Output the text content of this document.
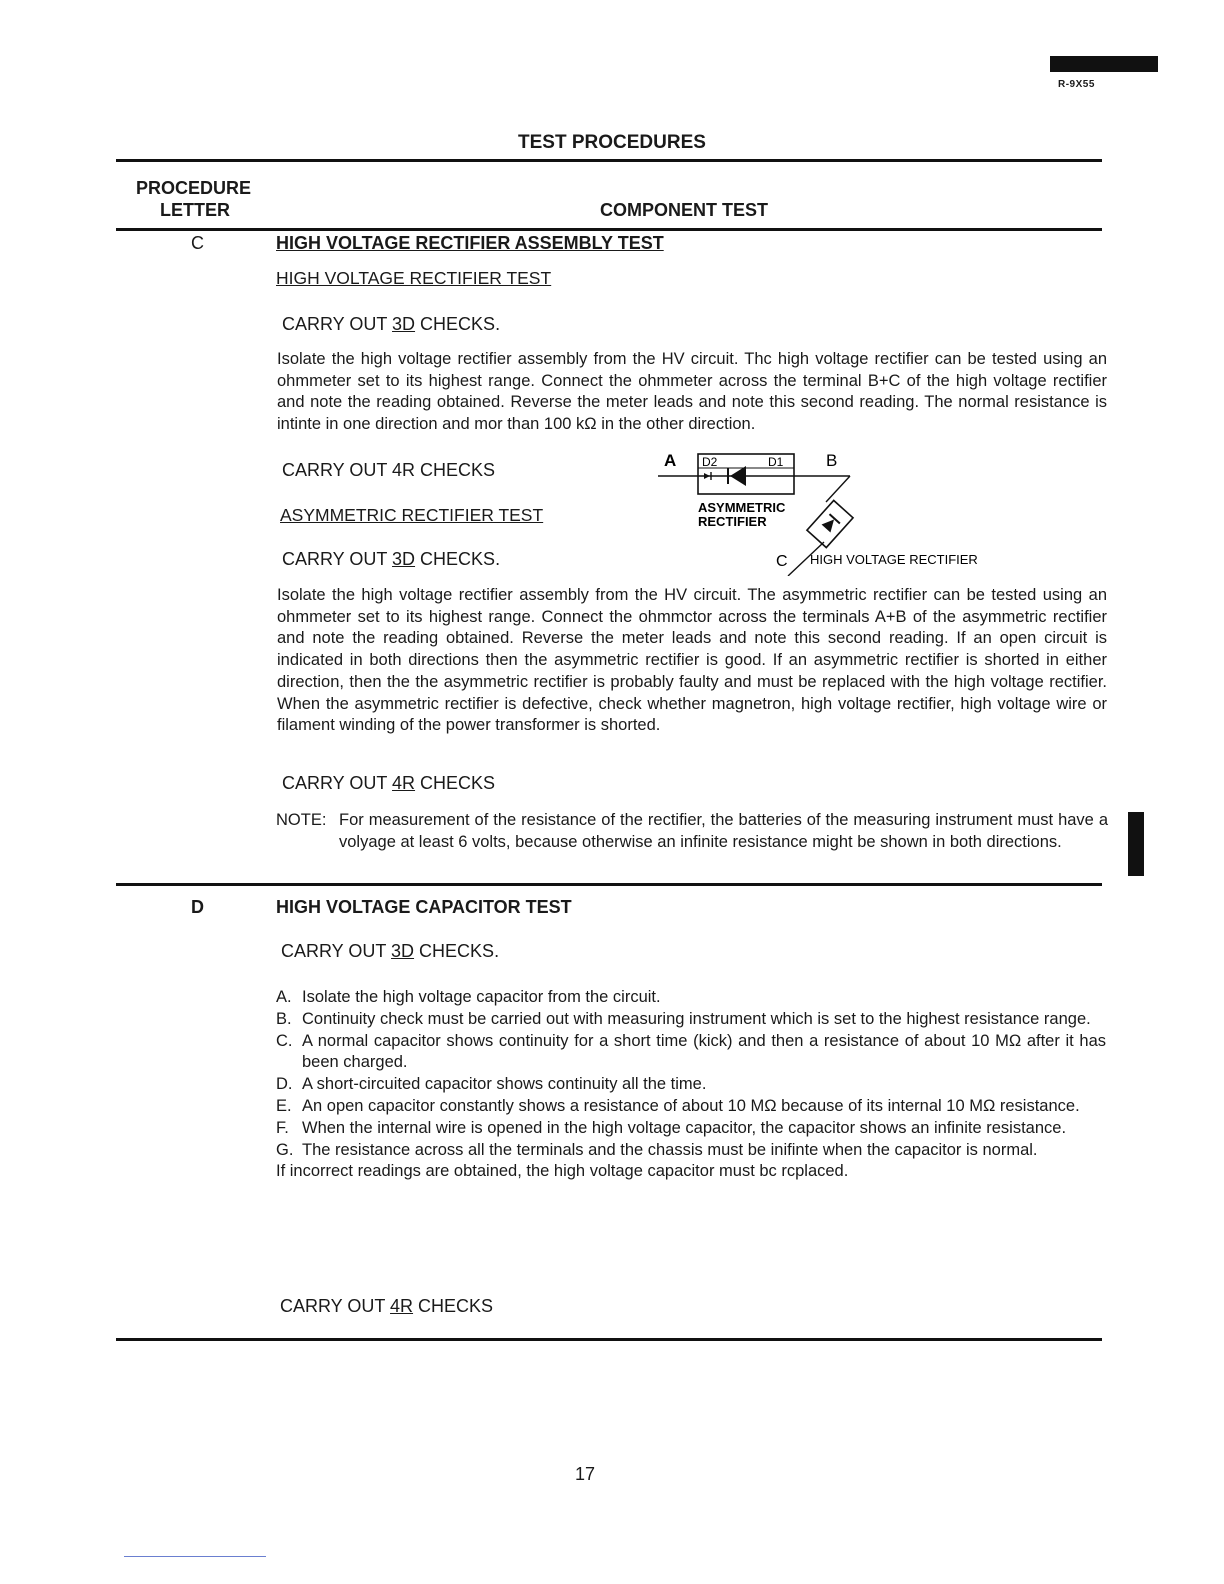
R-9X55
TEST PROCEDURES
PROCEDURE
LETTER	COMPONENT TEST
C	HIGH VOLTAGE RECTIFIER ASSEMBLY TEST
HIGH VOLTAGE RECTIFIER TEST
CARRY OUT 3D CHECKS.
Isolate the high voltage rectifier assembly from the HV circuit. Thc high voltage rectifier can be tested using an ohmmeter set to its highest range. Connect the ohmmeter across the terminal B+C of the high voltage rectifier and note the reading obtained. Reverse the meter leads and note this second reading. The normal resistance is intinte in one direction and mor than 100 kΩ in the other direction.
CARRY OUT 4R CHECKS
ASYMMETRIC RECTIFIER TEST
CARRY OUT 3D CHECKS.
A	B
D2	D1
ASYMMETRIC
RECTIFIER
C HIGH VOLTAGE RECTIFIER
Isolate the high voltage rectifier assembly from the HV circuit. The asymmetric rectifier can be tested using an ohmmeter set to its highest range. Connect the ohmmctor across the terminals A+B of the asymmetric rectifier and note the reading obtained. Reverse the meter leads and note this second reading. If an open circuit is indicated in both directions then the asymmetric rectifier is good. If an asymmetric rectifier is shorted in either direction, then the the asymmetric rectifier is probably faulty and must be replaced with the high voltage rectifier. When the asymmetric rectifier is defective, check whether magnetron, high voltage rectifier, high voltage wire or filament winding of the power transformer is shorted.
CARRY OUT 4R CHECKS
NOTE: For measurement of the resistance of the rectifier, the batteries of the measuring instrument must have a volyage at least 6 volts, because otherwise an infinite resistance might be shown in both directions.
D	HIGH VOLTAGE CAPACITOR TEST
CARRY OUT 3D CHECKS.
A. Isolate the high voltage capacitor from the circuit.
B. Continuity check must be carried out with measuring instrument which is set to the highest resistance range.
C. A normal capacitor shows continuity for a short time (kick) and then a resistance of about 10 MΩ after it has been charged.
D. A short-circuited capacitor shows continuity all the time.
E. An open capacitor constantly shows a resistance of about 10 MΩ because of its internal 10 MΩ resistance.
F. When the internal wire is opened in the high voltage capacitor, the capacitor shows an infinite resistance.
G. The resistance across all the terminals and the chassis must be inifinte when the capacitor is normal.
If incorrect readings are obtained, the high voltage capacitor must bc rcplaced.
CARRY OUT 4R CHECKS
17
